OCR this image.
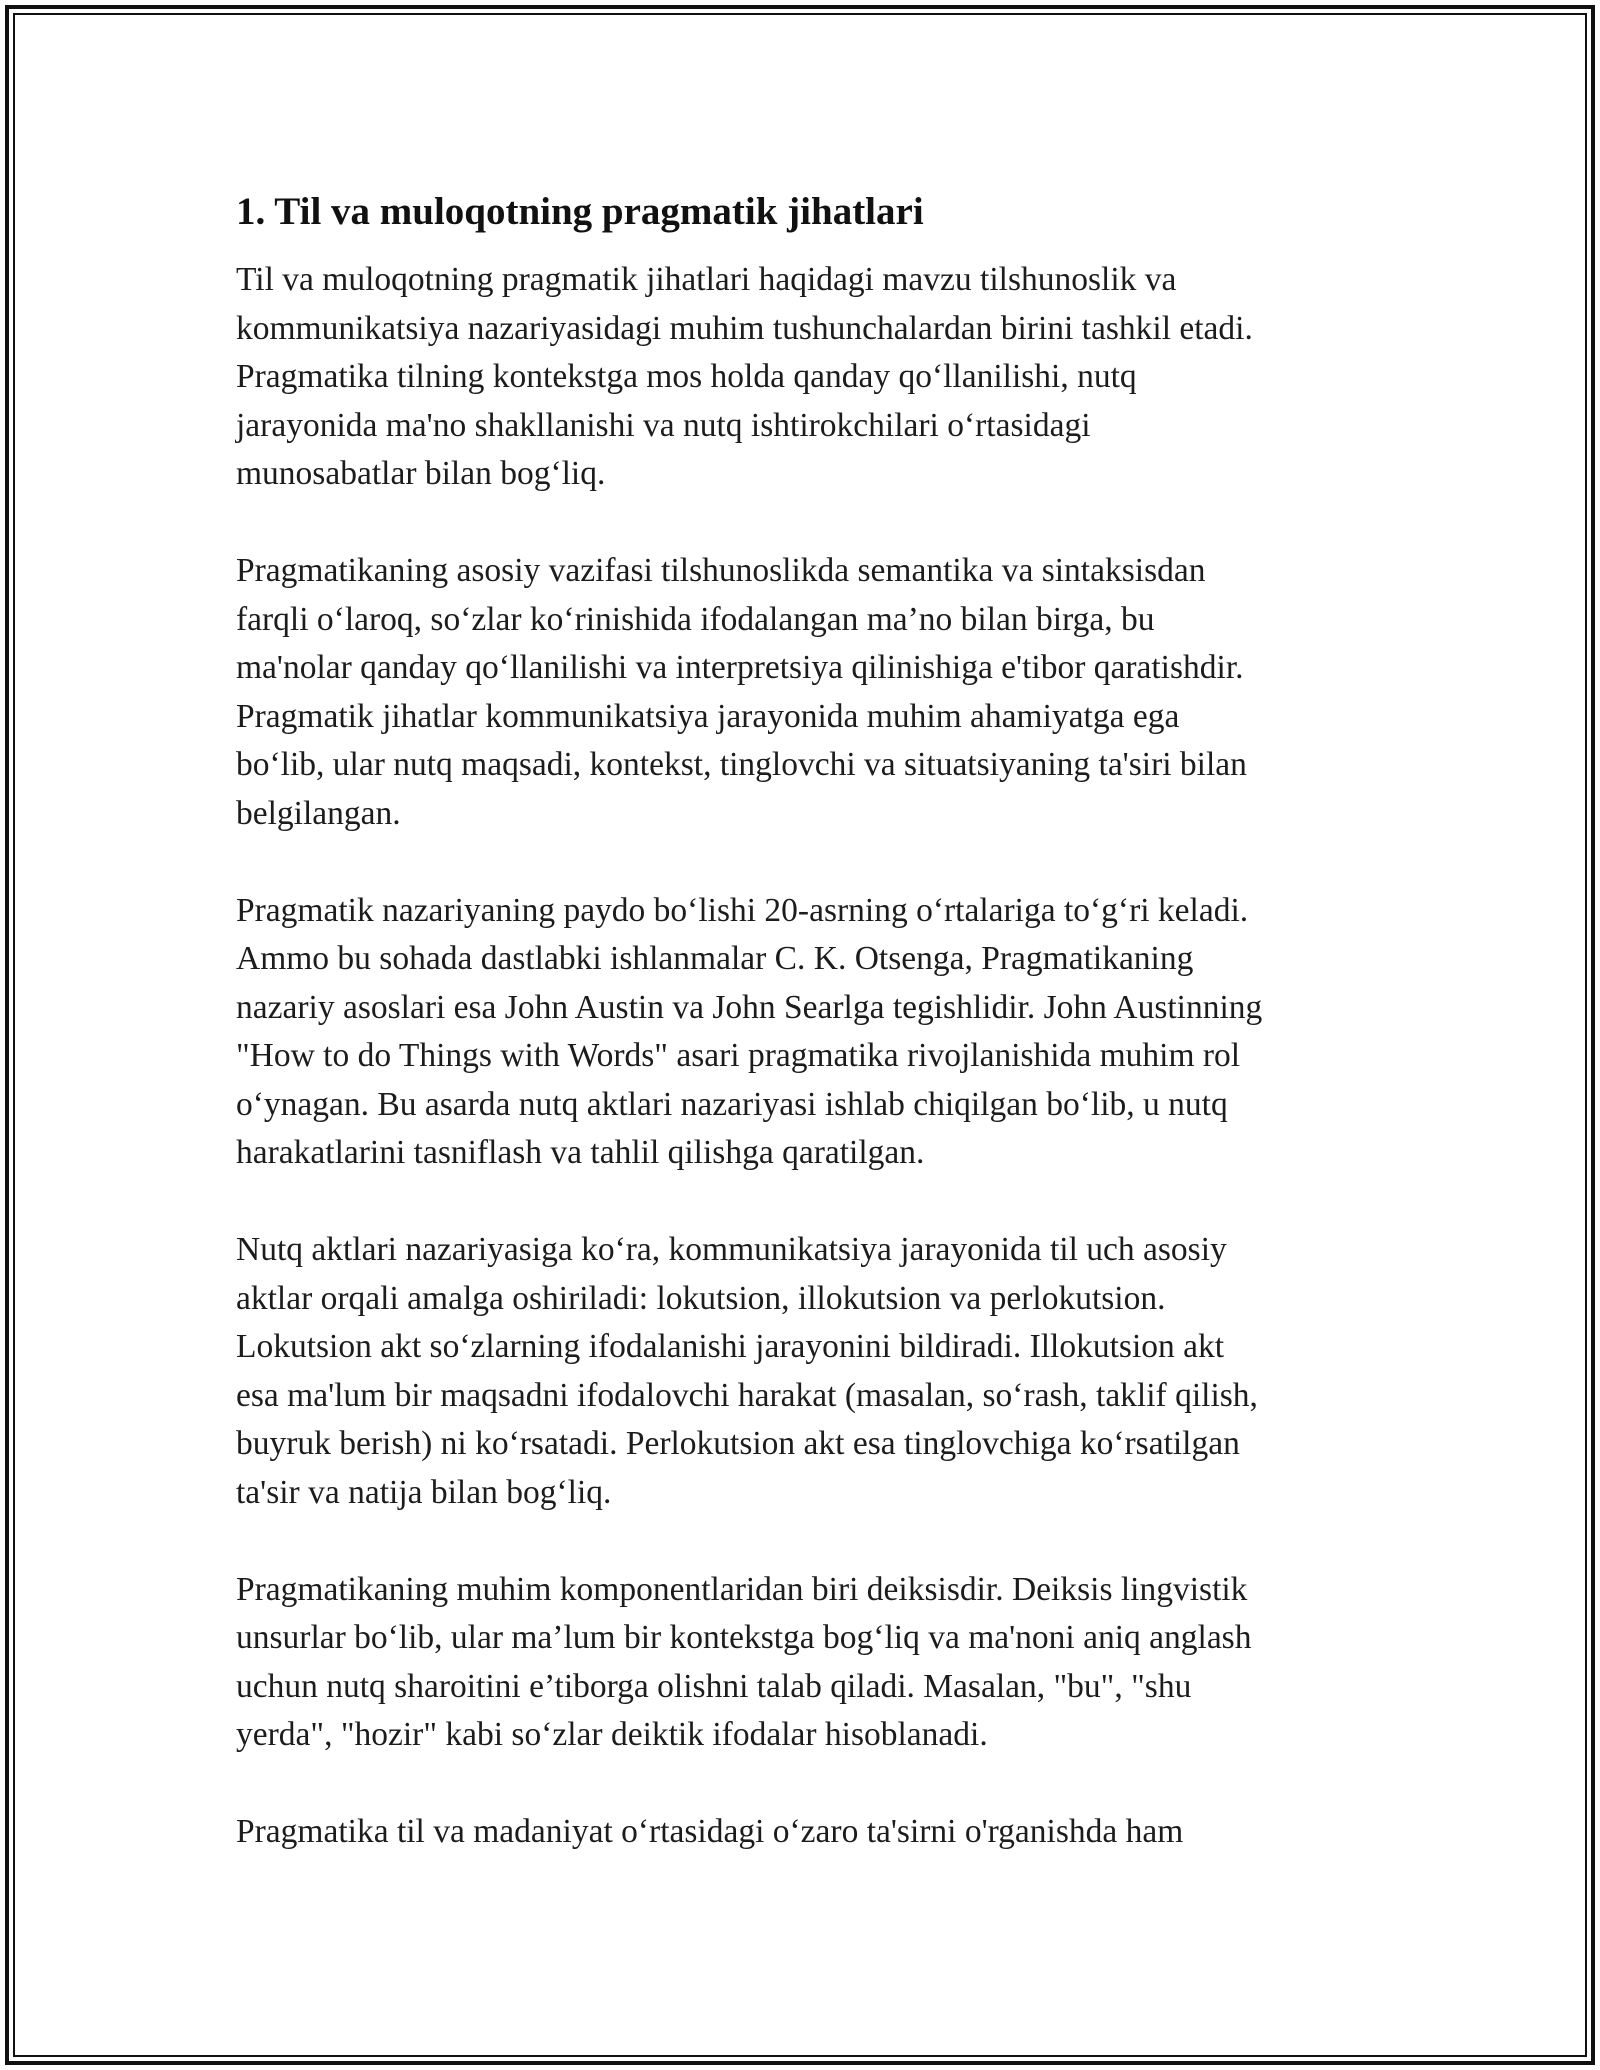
1. Til va muloqotning pragmatik jihatlari

Til va muloqotning pragmatik jihatlari haqidagi mavzu tilshunoslik va
kommunikatsiya nazariyasidagi muhim tushunchalardan birini tashkil etadi.
Pragmatika tilning kontekstga mos holda qanday qo‘llanilishi, nutq
jarayonida ma'no shakllanishi va nutq ishtirokchilari o‘rtasidagi
munosabatlar bilan bog‘liq.

Pragmatikaning asosiy vazifasi tilshunoslikda semantika va sintaksisdan
farqli o‘laroq, so‘zlar ko‘rinishida ifodalangan ma’no bilan birga, bu
ma'nolar qanday qo‘llanilishi va interpretsiya qilinishiga e'tibor qaratishdir.
Pragmatik jihatlar kommunikatsiya jarayonida muhim ahamiyatga ega
bo‘lib, ular nutq maqsadi, kontekst, tinglovchi va situatsiyaning ta'siri bilan
belgilangan.

Pragmatik nazariyaning paydo bo‘lishi 20-asrning o‘rtalariga to‘g‘ri keladi.
Ammo bu sohada dastlabki ishlanmalar C. K. Otsenga, Pragmatikaning
nazariy asoslari esa John Austin va John Searlga tegishlidir. John Austinning
"How to do Things with Words" asari pragmatika rivojlanishida muhim rol
o‘ynagan. Bu asarda nutq aktlari nazariyasi ishlab chiqilgan bo‘lib, u nutq
harakatlarini tasniflash va tahlil qilishga qaratilgan.

Nutq aktlari nazariyasiga ko‘ra, kommunikatsiya jarayonida til uch asosiy
aktlar orqali amalga oshiriladi: lokutsion, illokutsion va perlokutsion.
Lokutsion akt so‘zlarning ifodalanishi jarayonini bildiradi. Illokutsion akt
esa ma'lum bir maqsadni ifodalovchi harakat (masalan, so‘rash, taklif qilish,
buyruk berish) ni ko‘rsatadi. Perlokutsion akt esa tinglovchiga ko‘rsatilgan
ta'sir va natija bilan bog‘liq.

Pragmatikaning muhim komponentlaridan biri deiksisdir. Deiksis lingvistik
unsurlar bo‘lib, ular ma’lum bir kontekstga bog‘liq va ma'noni aniq anglash
uchun nutq sharoitini e’tiborga olishni talab qiladi. Masalan, "bu", "shu
yerda", "hozir" kabi so‘zlar deiktik ifodalar hisoblanadi.

Pragmatika til va madaniyat o‘rtasidagi o‘zaro ta'sirni o'rganishda ham
